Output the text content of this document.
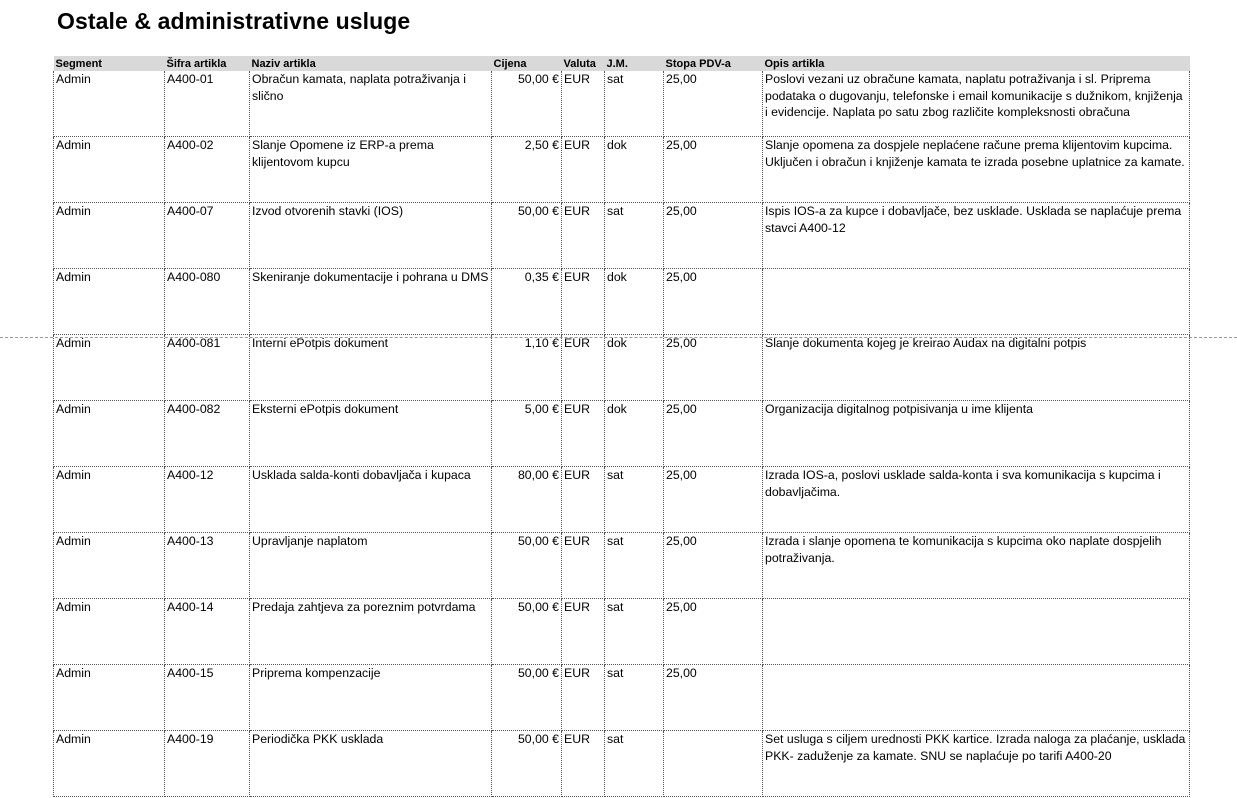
Ostale & administrativne usluge
Segment	Šifra artikla	Naziv artikla	Cijena	Valuta	J.M.	Stopa PDV-a	Opis artikla

Admin	A400-01	Obračun kamata, naplata potraživanja i slično	50,00 €	EUR	sat	25,00	Poslovi vezani uz obračune kamata, naplatu potraživanja i sl. Priprema podataka o dugovanju, telefonske i email komunikacije s dužnikom, knjiženja i evidencije. Naplata po satu zbog različite kompleksnosti obračuna

Admin	A400-02	Slanje Opomene iz ERP-a prema klijentovom kupcu	2,50 €	EUR	dok	25,00	Slanje opomena za dospjele neplaćene račune prema klijentovim kupcima. Uključen i obračun i knjiženje kamata te izrada posebne uplatnice za kamate.

Admin	A400-07	Izvod otvorenih stavki (IOS)	50,00 €	EUR	sat	25,00	Ispis IOS-a za kupce i dobavljače, bez usklade. Usklada se naplaćuje prema stavci A400-12

Admin	A400-080	Skeniranje dokumentacije i pohrana u DMS	0,35 €	EUR	dok	25,00	

Admin	A400-081	Interni ePotpis dokument	1,10 €	EUR	dok	25,00	Slanje dokumenta kojeg je kreirao Audax na digitalni potpis

Admin	A400-082	Eksterni ePotpis dokument	5,00 €	EUR	dok	25,00	Organizacija digitalnog potpisivanja u ime klijenta

Admin	A400-12	Usklada salda-konti dobavljača i kupaca	80,00 €	EUR	sat	25,00	Izrada IOS-a, poslovi usklade salda-konta i sva komunikacija s kupcima i dobavljačima.

Admin	A400-13	Upravljanje naplatom	50,00 €	EUR	sat	25,00	Izrada i slanje opomena te komunikacija s kupcima oko naplate dospjelih potraživanja.

Admin	A400-14	Predaja zahtjeva za poreznim potvrdama	50,00 €	EUR	sat	25,00	

Admin	A400-15	Priprema kompenzacije	50,00 €	EUR	sat	25,00	

Admin	A400-19	Periodička PKK usklada	50,00 €	EUR	sat		Set usluga s ciljem urednosti PKK kartice. Izrada naloga za plaćanje, usklada PKK- zaduženje za kamate. SNU se naplaćuje po tarifi A400-20
